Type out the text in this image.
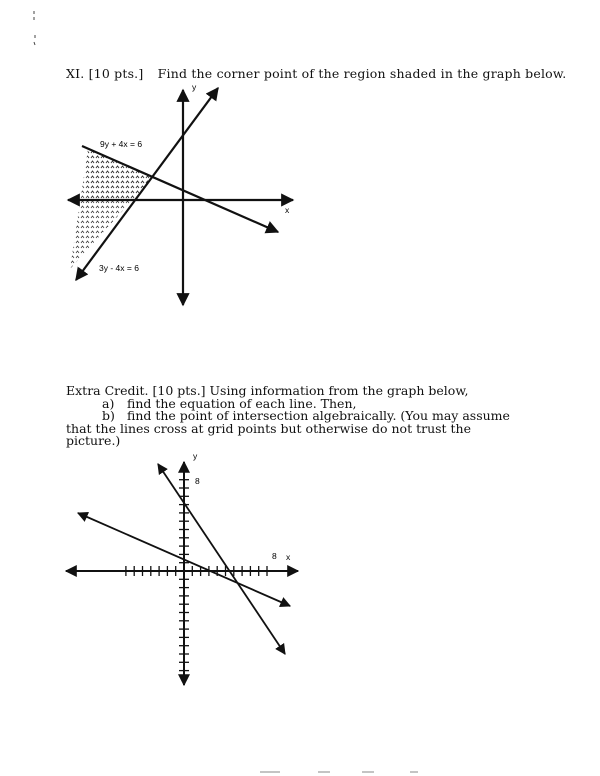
XI. [10 pts.] Find the corner point of the region shaded in the graph below.
9y + 4x = 6
3y - 4x = 6
x
y
Extra Credit. [10 pts.] Using information from the graph below,
a) find the equation of each line. Then,
b) find the point of intersection algebraically. (You may assume
that the lines cross at grid points but otherwise do not trust the
picture.)
8
8 x
y
